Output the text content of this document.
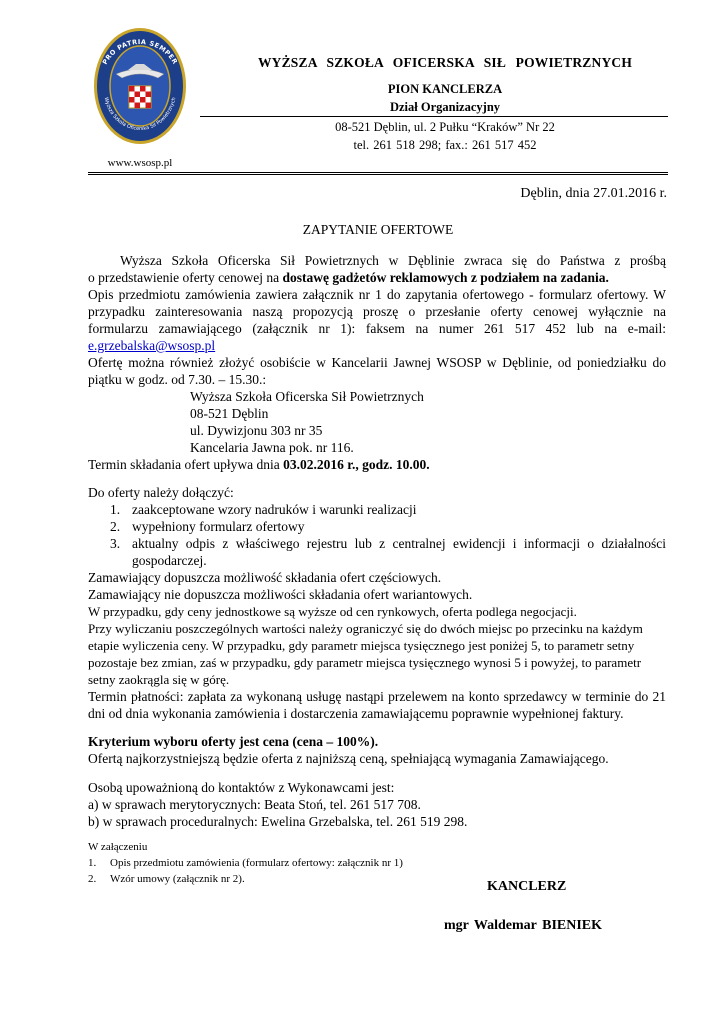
PRO PATRIA SEMPER
Wyższa Szkoła Oficerska Sił Powietrznych
www.wsosp.pl
WYŻSZA SZKOŁA OFICERSKA SIŁ POWIETRZNYCH
PION KANCLERZA
Dział Organizacyjny
08-521 Dęblin, ul. 2 Pułku “Kraków” Nr 22
tel. 261 518 298; fax.: 261 517 452
Dęblin, dnia 27.01.2016 r.
ZAPYTANIE OFERTOWE
Wyższa Szkoła Oficerska Sił Powietrznych w Dęblinie zwraca się do Państwa z prośbą
o przedstawienie oferty cenowej na dostawę gadżetów reklamowych z podziałem na zadania.
Opis przedmiotu zamówienia zawiera załącznik nr 1 do zapytania ofertowego - formularz ofertowy. W
przypadku zainteresowania naszą propozycją proszę o przesłanie oferty cenowej wyłącznie na
formularzu zamawiającego (załącznik nr 1): faksem na numer 261 517 452 lub na e-mail:
e.grzebalska@wsosp.pl
Ofertę można również złożyć osobiście w Kancelarii Jawnej WSOSP w Dęblinie, od poniedziałku do
piątku w godz. od 7.30. – 15.30.:
Wyższa Szkoła Oficerska Sił Powietrznych
08-521 Dęblin
ul. Dywizjonu 303 nr 35
Kancelaria Jawna pok. nr 116.
Termin składania ofert upływa dnia 03.02.2016 r., godz. 10.00.
Do oferty należy dołączyć:
1. zaakceptowane wzory nadruków i warunki realizacji
2. wypełniony formularz ofertowy
3. aktualny odpis z właściwego rejestru lub z centralnej ewidencji i informacji o działalności
gospodarczej.
Zamawiający dopuszcza możliwość składania ofert częściowych.
Zamawiający nie dopuszcza możliwości składania ofert wariantowych.
W przypadku, gdy ceny jednostkowe są wyższe od cen rynkowych, oferta podlega negocjacji.
Przy wyliczaniu poszczególnych wartości należy ograniczyć się do dwóch miejsc po przecinku na każdym
etapie wyliczenia ceny. W przypadku, gdy parametr miejsca tysięcznego jest poniżej 5, to parametr setny
pozostaje bez zmian, zaś w przypadku, gdy parametr miejsca tysięcznego wynosi 5 i powyżej, to parametr
setny zaokrągla się w górę.
Termin płatności: zapłata za wykonaną usługę nastąpi przelewem na konto sprzedawcy w terminie do 21
dni od dnia wykonania zamówienia i dostarczenia zamawiającemu poprawnie wypełnionej faktury.
Kryterium wyboru oferty jest cena (cena – 100%).
Ofertą najkorzystniejszą będzie oferta z najniższą ceną, spełniającą wymagania Zamawiającego.
Osobą upoważnioną do kontaktów z Wykonawcami jest:
a) w sprawach merytorycznych: Beata Stoń, tel. 261 517 708.
b) w sprawach proceduralnych: Ewelina Grzebalska, tel. 261 519 298.
W załączeniu
1. Opis przedmiotu zamówienia (formularz ofertowy: załącznik nr 1)
2. Wzór umowy (załącznik nr 2).	KANCLERZ
mgr Waldemar BIENIEK
